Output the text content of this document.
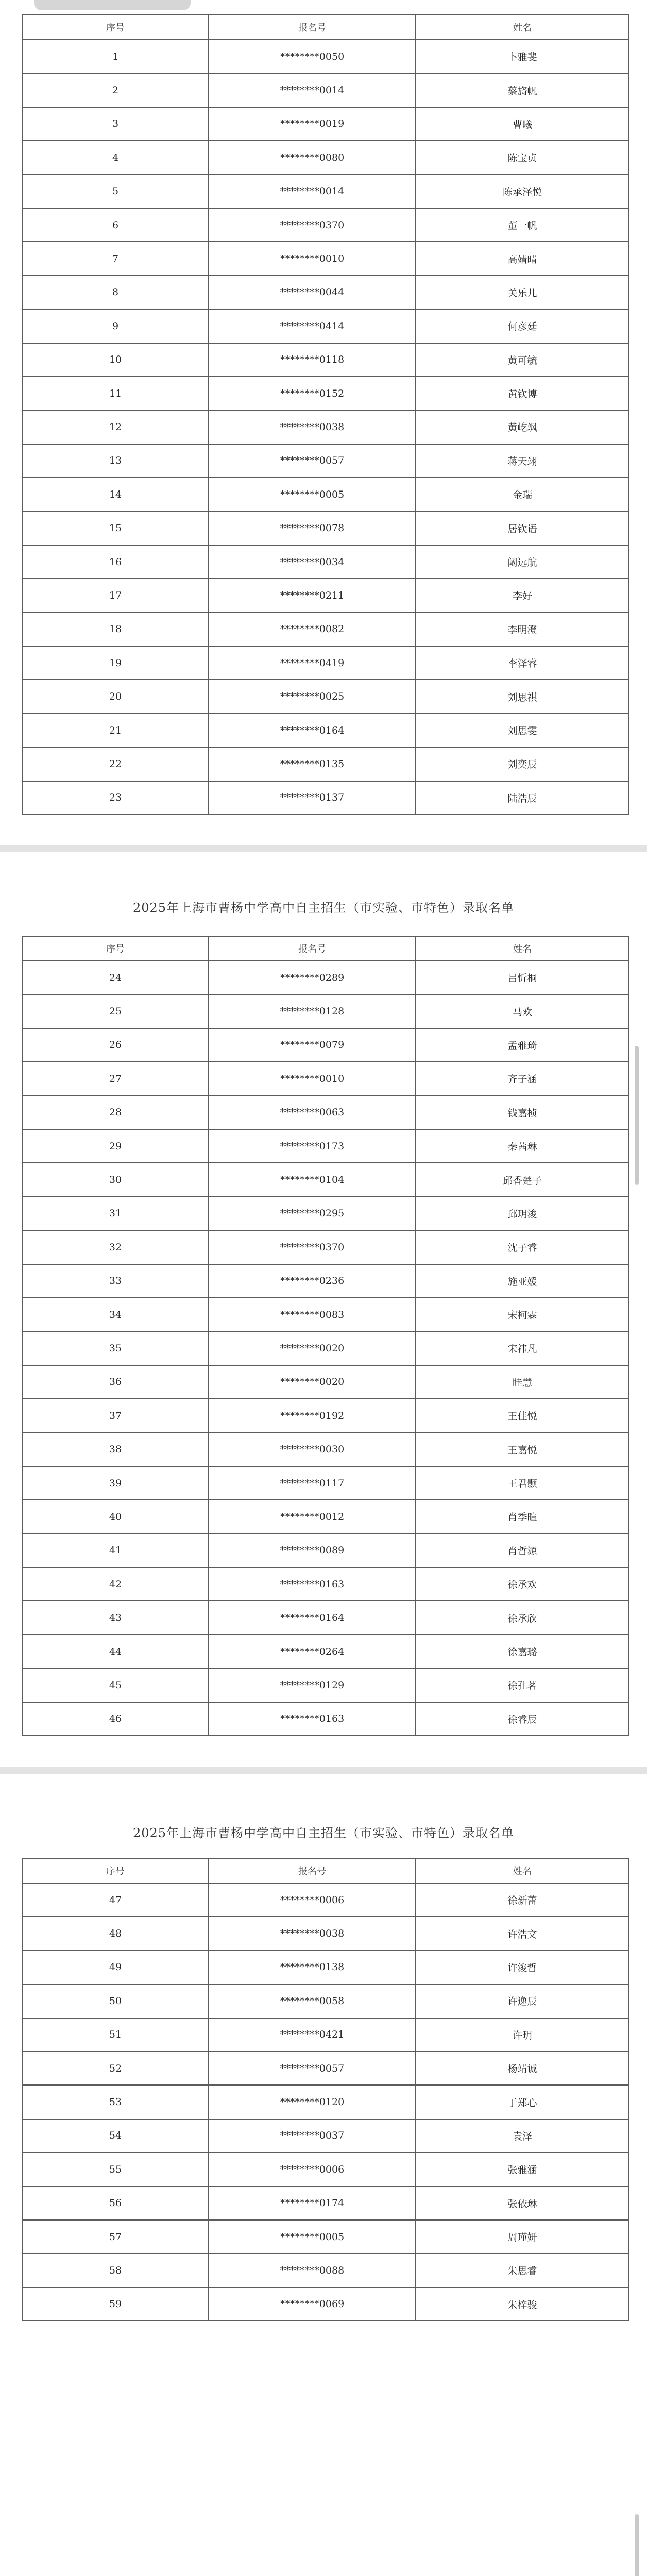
序号	报名号	姓名
1	********0050	卜雅斐
2	********0014	蔡旖帆
3	********0019	曹曦
4	********0080	陈宝贞
5	********0014	陈承泽悦
6	********0370	董一帆
7	********0010	高婧晴
8	********0044	关乐儿
9	********0414	何彦廷
10	********0118	黄可毓
11	********0152	黄钦博
12	********0038	黄屹飒
13	********0057	蒋天翊
14	********0005	金瑞
15	********0078	居钦语
16	********0034	阚远航
17	********0211	李好
18	********0082	李明澄
19	********0419	李泽睿
20	********0025	刘思祺
21	********0164	刘思雯
22	********0135	刘奕辰
23	********0137	陆浩辰
2025年上海市曹杨中学高中自主招生（市实验、市特色）录取名单
序号	报名号	姓名
24	********0289	吕忻桐
25	********0128	马欢
26	********0079	孟雅琦
27	********0010	齐子涵
28	********0063	钱嘉桢
29	********0173	秦茜琳
30	********0104	邱香楚子
31	********0295	邱玥浚
32	********0370	沈子睿
33	********0236	施亚媛
34	********0083	宋柯霖
35	********0020	宋祎凡
36	********0020	眭慧
37	********0192	王佳悦
38	********0030	王嘉悦
39	********0117	王君颢
40	********0012	肖季暄
41	********0089	肖哲源
42	********0163	徐承欢
43	********0164	徐承欣
44	********0264	徐嘉璐
45	********0129	徐孔茗
46	********0163	徐睿辰
2025年上海市曹杨中学高中自主招生（市实验、市特色）录取名单
序号	报名号	姓名
47	********0006	徐新蕾
48	********0038	许浩文
49	********0138	许浚哲
50	********0058	许逸辰
51	********0421	许玥
52	********0057	杨靖诚
53	********0120	于郑心
54	********0037	袁泽
55	********0006	张雅涵
56	********0174	张依琳
57	********0005	周瑾妍
58	********0088	朱思睿
59	********0069	朱梓骏
